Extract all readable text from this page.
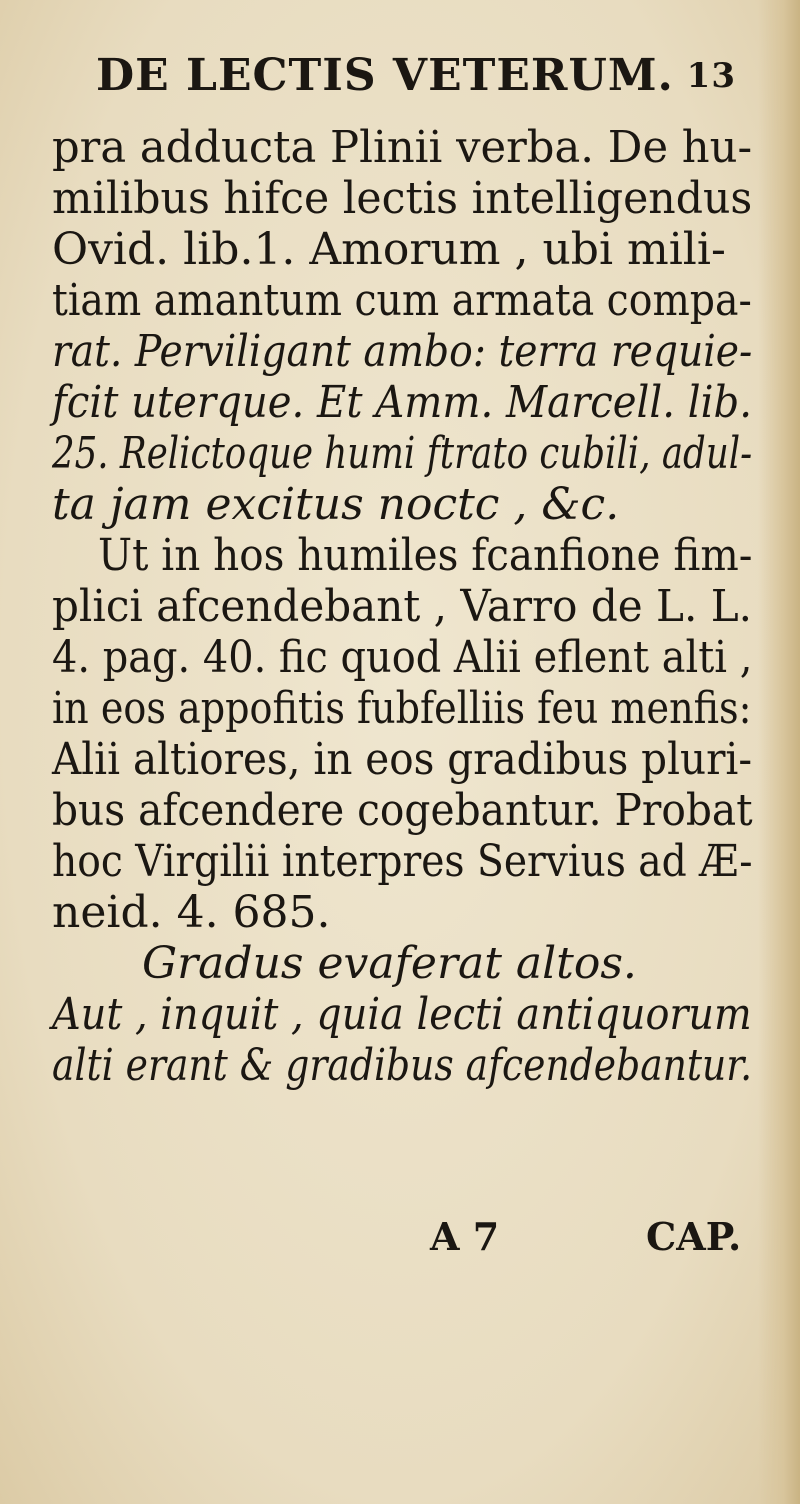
DE LECTIS VETERUM. 13
pra adducta Plinii verba. De hu-
milibus hifce lectis intelligendus
Ovid. lib.1. Amorum , ubi mili-
tiam amantum cum armata compa-
rat. Perviligant ambo: terra requie-
fcit uterque. Et Amm. Marcell. lib.
25. Relictoque humi ftrato cubili, adul-
ta jam excitus noctc , &c.
Ut in hos humiles fcanfione fim-
plici afcendebant , Varro de L. L.
4. pag. 40. fic quod Alii eflent alti ,
in eos appofitis fubfelliis feu menfis:
Alii altiores, in eos gradibus pluri-
bus afcendere cogebantur. Probat
hoc Virgilii interpres Servius ad Æ-
neid. 4. 685.
Gradus evaferat altos.
Aut , inquit , quia lecti antiquorum
alti erant & gradibus afcendebantur.
A 7	CAP.
